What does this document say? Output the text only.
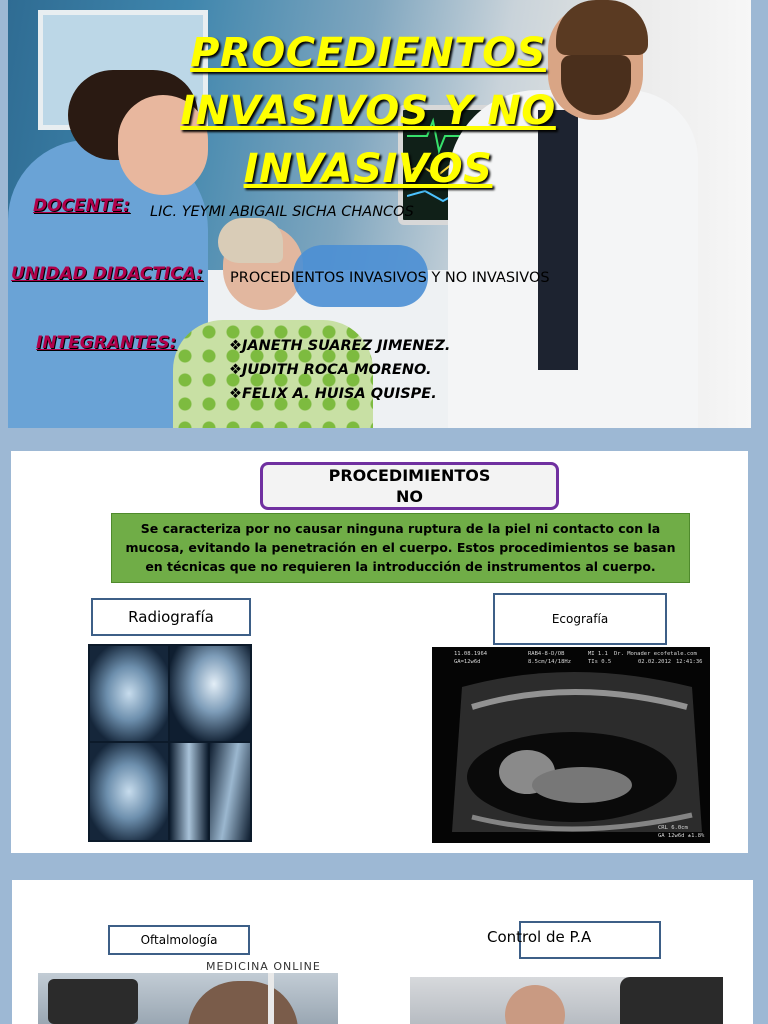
PROCEDIENTOS INVASIVOS Y NO INVASIVOS
DOCENTE: LIC. YEYMI ABIGAIL SICHA CHANCOS
UNIDAD DIDACTICA: PROCEDIENTOS INVASIVOS Y NO INVASIVOS
INTEGRANTES:	❖JANETH SUAREZ JIMENEZ.
❖JUDITH ROCA MORENO.
❖FELIX A. HUISA QUISPE.
PROCEDIMIENTOS
NO
Se caracteriza por no causar ninguna ruptura de la piel ni contacto con la mucosa, evitando la penetración en el cuerpo. Estos procedimientos se basan en técnicas que no requieren la introducción de instrumentos al cuerpo.
Radiografía	Ecografía
11.08.1964	RAB4-8-D/OB	MI 1.1 Dr. Monader ecofetale.com
GA=12w6d	8.5cm/14/18Hz	TIs 0.5	02.02.2012 12:41:36
CRL 6.0cm
GA 12w6d ±1.8%
Oftalmología	Control de P.A
MEDICINA ONLINE
